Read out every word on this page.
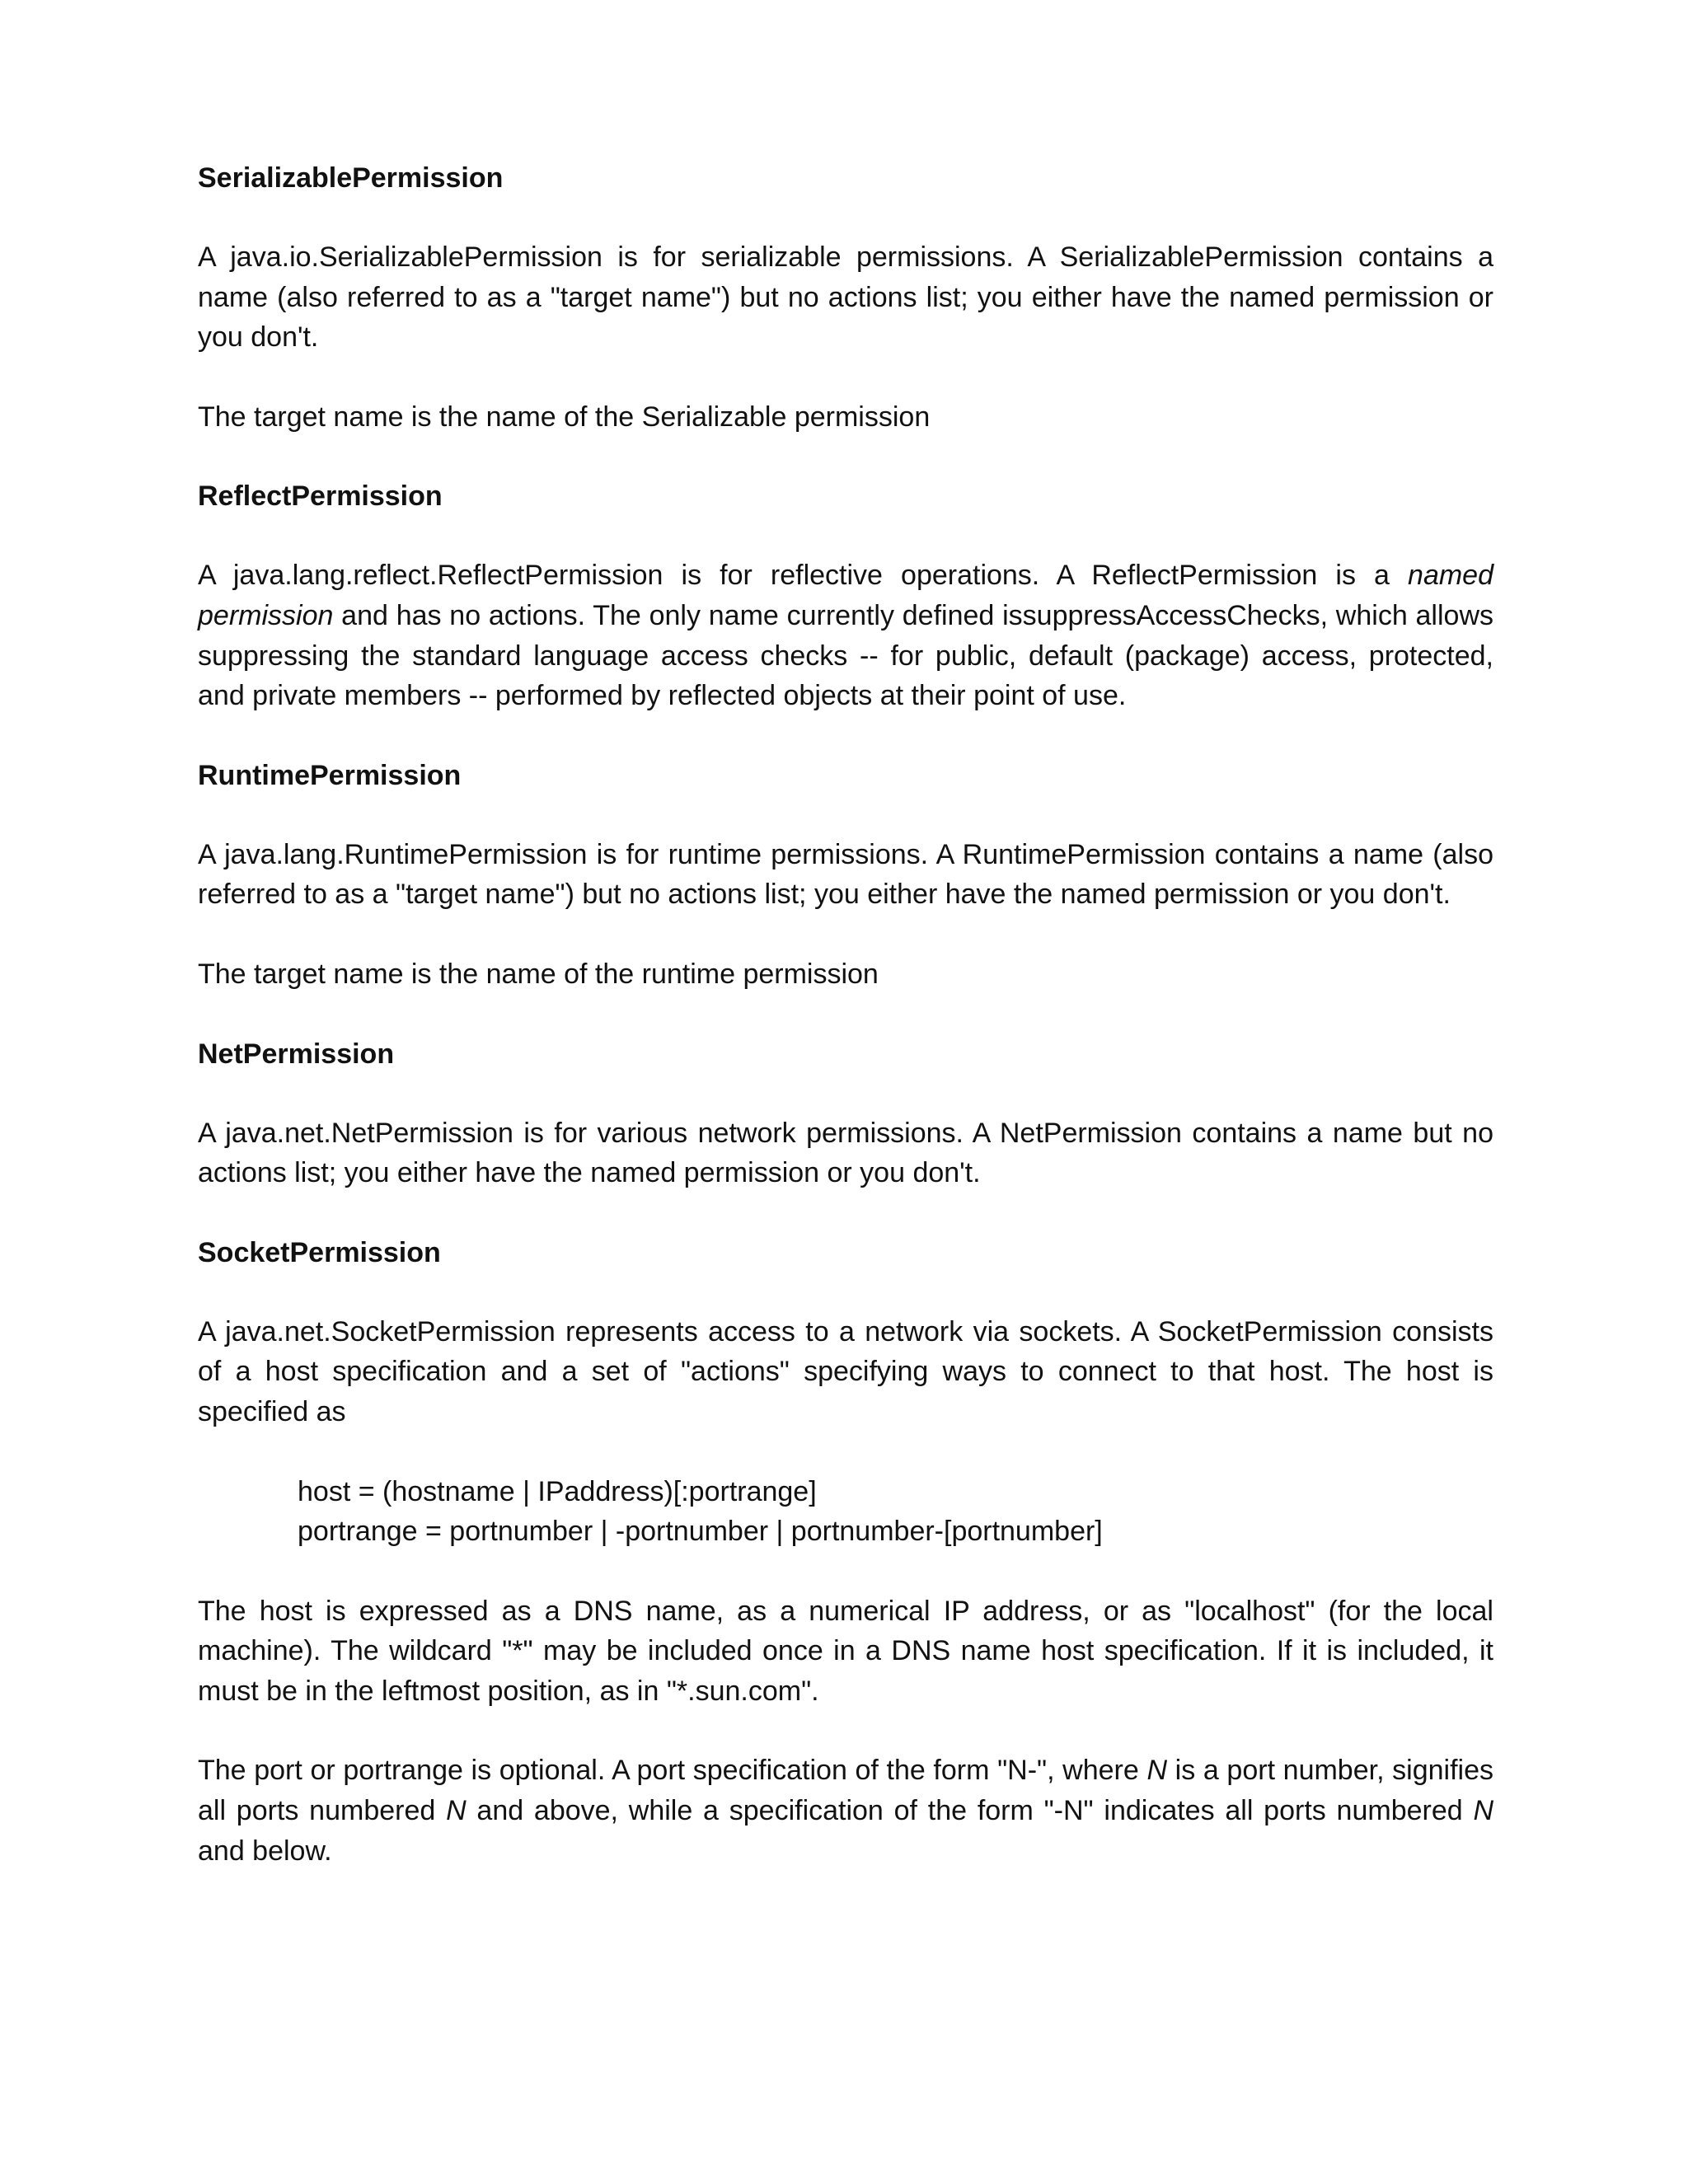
SerializablePermission
A java.io.SerializablePermission is for serializable permissions. A SerializablePermission contains a name (also referred to as a "target name") but no actions list; you either have the named permission or you don't.
The target name is the name of the Serializable permission
ReflectPermission
A java.lang.reflect.ReflectPermission is for reflective operations. A ReflectPermission is a named permission and has no actions. The only name currently defined issuppressAccessChecks, which allows suppressing the standard language access checks -- for public, default (package) access, protected, and private members -- performed by reflected objects at their point of use.
RuntimePermission
A java.lang.RuntimePermission is for runtime permissions. A RuntimePermission contains a name (also referred to as a "target name") but no actions list; you either have the named permission or you don't.
The target name is the name of the runtime permission
NetPermission
A java.net.NetPermission is for various network permissions. A NetPermission contains a name but no actions list; you either have the named permission or you don't.
SocketPermission
A java.net.SocketPermission represents access to a network via sockets. A SocketPermission consists of a host specification and a set of "actions" specifying ways to connect to that host. The host is specified as
host = (hostname | IPaddress)[:portrange]
portrange = portnumber | -portnumber | portnumber-[portnumber]
The host is expressed as a DNS name, as a numerical IP address, or as "localhost" (for the local machine). The wildcard "*" may be included once in a DNS name host specification. If it is included, it must be in the leftmost position, as in "*.sun.com".
The port or portrange is optional. A port specification of the form "N-", where N is a port number, signifies all ports numbered N and above, while a specification of the form "-N" indicates all ports numbered N and below.
